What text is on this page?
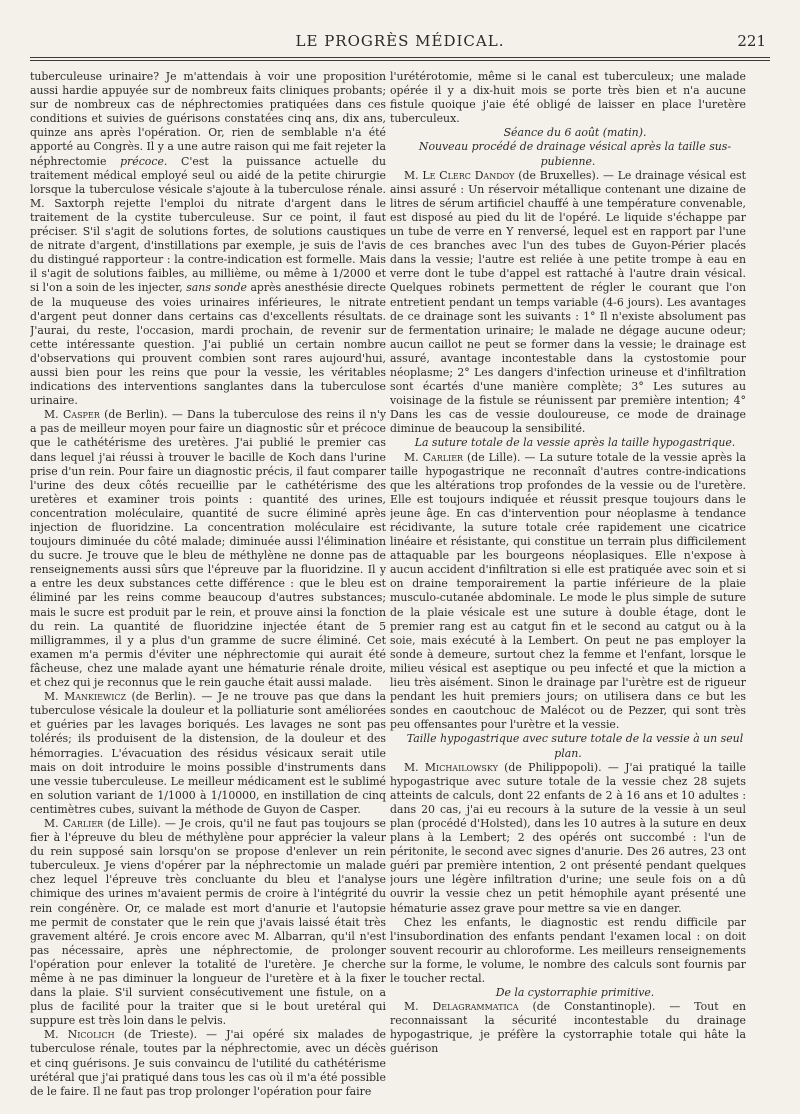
LE PROGRÈS MÉDICAL.	221

tuberculeuse urinaire? Je m'attendais à voir une proposition aussi hardie appuyée sur de nombreux faits cliniques probants; sur de nombreux cas de néphrectomies pratiquées dans ces conditions et suivies de guérisons constatées cinq ans, dix ans, quinze ans après l'opération. Or, rien de semblable n'a été apporté au Congrès. Il y a une autre raison qui me fait rejeter la néphrectomie précoce. C'est la puissance actuelle du traitement médical employé seul ou aidé de la petite chirurgie lorsque la tuberculose vésicale s'ajoute à la tuberculose rénale. M. Saxtorph rejette l'emploi du nitrate d'argent dans le traitement de la cystite tuberculeuse. Sur ce point, il faut préciser. S'il s'agit de solutions fortes, de solutions caustiques de nitrate d'argent, d'instillations par exemple, je suis de l'avis du distingué rapporteur : la contre-indication est formelle. Mais il s'agit de solutions faibles, au millième, ou même à 1/2000 et si l'on a soin de les injecter, sans sonde après anesthésie directe de la muqueuse des voies urinaires inférieures, le nitrate d'argent peut donner dans certains cas d'excellents résultats. J'aurai, du reste, l'occasion, mardi prochain, de revenir sur cette intéressante question. J'ai publié un certain nombre d'observations qui prouvent combien sont rares aujourd'hui, aussi bien pour les reins que pour la vessie, les véritables indications des interventions sanglantes dans la tuberculose urinaire.

M. Casper (de Berlin). — Dans la tuberculose des reins il n'y a pas de meilleur moyen pour faire un diagnostic sûr et précoce que le cathétérisme des uretères. J'ai publié le premier cas dans lequel j'ai réussi à trouver le bacille de Koch dans l'urine prise d'un rein. Pour faire un diagnostic précis, il faut comparer l'urine des deux côtés recueillie par le cathétérisme des uretères et examiner trois points : quantité des urines, concentration moléculaire, quantité de sucre éliminé après injection de fluoridzine. La concentration moléculaire est toujours diminuée du côté malade; diminuée aussi l'élimination du sucre. Je trouve que le bleu de méthylène ne donne pas de renseignements aussi sûrs que l'épreuve par la fluoridzine. Il y a entre les deux substances cette différence : que le bleu est éliminé par les reins comme beaucoup d'autres substances; mais le sucre est produit par le rein, et prouve ainsi la fonction du rein. La quantité de fluoridzine injectée étant de 5 milligrammes, il y a plus d'un gramme de sucre éliminé. Cet examen m'a permis d'éviter une néphrectomie qui aurait été fâcheuse, chez une malade ayant une hématurie rénale droite, et chez qui je reconnus que le rein gauche était aussi malade.

M. Mankiewicz (de Berlin). — Je ne trouve pas que dans la tuberculose vésicale la douleur et la polliaturie sont améliorées et guéries par les lavages boriqués. Les lavages ne sont pas tolérés; ils produisent de la distension, de la douleur et des hémorragies. L'évacuation des résidus vésicaux serait utile mais on doit introduire le moins possible d'instruments dans une vessie tuberculeuse. Le meilleur médicament est le sublimé en solution variant de 1/1000 à 1/10000, en instillation de cinq centimètres cubes, suivant la méthode de Guyon de Casper.

M. Carlier (de Lille). — Je crois, qu'il ne faut pas toujours se fier à l'épreuve du bleu de méthylène pour apprécier la valeur du rein supposé sain lorsqu'on se propose d'enlever un rein tuberculeux. Je viens d'opérer par la néphrectomie un malade chez lequel l'épreuve très concluante du bleu et l'analyse chimique des urines m'avaient permis de croire à l'intégrité du rein congénère. Or, ce malade est mort d'anurie et l'autopsie me permit de constater que le rein que j'avais laissé était très gravement altéré. Je crois encore avec M. Albarran, qu'il n'est pas nécessaire, après une néphrectomie, de prolonger l'opération pour enlever la totalité de l'uretère. Je cherche même à ne pas diminuer la longueur de l'uretère et à la fixer dans la plaie. S'il survient consécutivement une fistule, on a plus de facilité pour la traiter que si le bout uretéral qui suppure est très loin dans le pelvis.

M. Nicolich (de Trieste). — J'ai opéré six malades de tuberculose rénale, toutes par la néphrectomie, avec un décès et cinq guérisons. Je suis convaincu de l'utilité du cathétérisme urétéral que j'ai pratiqué dans tous les cas où il m'a été possible de le faire. Il ne faut pas trop prolonger l'opération pour faire

l'urétérotomie, même si le canal est tuberculeux; une malade opérée il y a dix-huit mois se porte très bien et n'a aucune fistule quoique j'aie été obligé de laisser en place l'uretère tuberculeux.

Séance du 6 août (matin).

Nouveau procédé de drainage vésical après la taille sus-pubienne.

M. Le Clerc Dandoy (de Bruxelles). — Le drainage vésical est ainsi assuré : Un réservoir métallique contenant une dizaine de litres de sérum artificiel chauffé à une température convenable, est disposé au pied du lit de l'opéré. Le liquide s'échappe par un tube de verre en Y renversé, lequel est en rapport par l'une de ces branches avec l'un des tubes de Guyon-Périer placés dans la vessie; l'autre est reliée à une petite trompe à eau en verre dont le tube d'appel est rattaché à l'autre drain vésical. Quelques robinets permettent de régler le courant que l'on entretient pendant un temps variable (4-6 jours). Les avantages de ce drainage sont les suivants : 1° Il n'existe absolument pas de fermentation urinaire; le malade ne dégage aucune odeur; aucun caillot ne peut se former dans la vessie; le drainage est assuré, avantage incontestable dans la cystostomie pour néoplasme; 2° Les dangers d'infection urineuse et d'infiltration sont écartés d'une manière complète; 3° Les sutures au voisinage de la fistule se réunissent par première intention; 4° Dans les cas de vessie douloureuse, ce mode de drainage diminue de beaucoup la sensibilité.

La suture totale de la vessie après la taille hypogastrique.

M. Carlier (de Lille). — La suture totale de la vessie après la taille hypogastrique ne reconnaît d'autres contre-indications que les altérations trop profondes de la vessie ou de l'uretère. Elle est toujours indiquée et réussit presque toujours dans le jeune âge. En cas d'intervention pour néoplasme à tendance récidivante, la suture totale crée rapidement une cicatrice linéaire et résistante, qui constitue un terrain plus difficilement attaquable par les bourgeons néoplasiques. Elle n'expose à aucun accident d'infiltration si elle est pratiquée avec soin et si on draine temporairement la partie inférieure de la plaie musculo-cutanée abdominale. Le mode le plus simple de suture de la plaie vésicale est une suture à double étage, dont le premier rang est au catgut fin et le second au catgut ou à la soie, mais exécuté à la Lembert. On peut ne pas employer la sonde à demeure, surtout chez la femme et l'enfant, lorsque le milieu vésical est aseptique ou peu infecté et que la miction a lieu très aisément. Sinon le drainage par l'urètre est de rigueur pendant les huit premiers jours; on utilisera dans ce but les sondes en caoutchouc de Malécot ou de Pezzer, qui sont très peu offensantes pour l'urètre et la vessie.

Taille hypogastrique avec suture totale de la vessie à un seul plan.

M. Michailowsky (de Philippopoli). — J'ai pratiqué la taille hypogastrique avec suture totale de la vessie chez 28 sujets atteints de calculs, dont 22 enfants de 2 à 16 ans et 10 adultes : dans 20 cas, j'ai eu recours à la suture de la vessie à un seul plan (procédé d'Holsted), dans les 10 autres à la suture en deux plans à la Lembert; 2 des opérés ont succombé : l'un de péritonite, le second avec signes d'anurie. Des 26 autres, 23 ont guéri par première intention, 2 ont présenté pendant quelques jours une légère infiltration d'urine; une seule fois on a dû ouvrir la vessie chez un petit hémophile ayant présenté une hématurie assez grave pour mettre sa vie en danger.

Chez les enfants, le diagnostic est rendu difficile par l'insubordination des enfants pendant l'examen local : on doit souvent recourir au chloroforme. Les meilleurs renseignements sur la forme, le volume, le nombre des calculs sont fournis par le toucher rectal.

De la cystorraphie primitive.

M. Delagrammatica (de Constantinople). — Tout en reconnaissant la sécurité incontestable du drainage hypogastrique, je préfère la cystorraphie totale qui hâte la guérison
